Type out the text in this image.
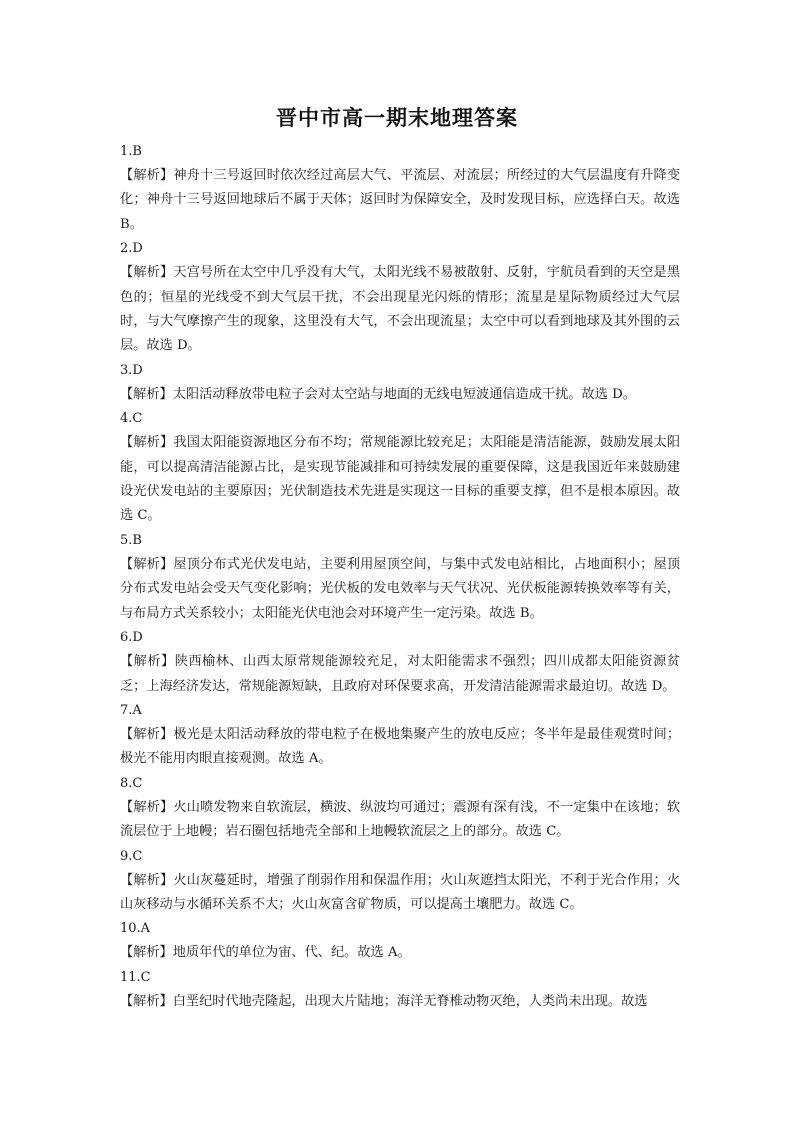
晋中市高一期末地理答案
1.B
【解析】神舟十三号返回时依次经过高层大气、平流层、对流层；所经过的大气层温度有升降变化；神舟十三号返回地球后不属于天体；返回时为保障安全，及时发现目标，应选择白天。故选 B。
2.D
【解析】天宫号所在太空中几乎没有大气，太阳光线不易被散射、反射，宇航员看到的天空是黑色的；恒星的光线受不到大气层干扰，不会出现星光闪烁的情形；流星是星际物质经过大气层时，与大气摩擦产生的现象，这里没有大气，不会出现流星；太空中可以看到地球及其外围的云层。故选 D。
3.D
【解析】太阳活动释放带电粒子会对太空站与地面的无线电短波通信造成干扰。故选 D。
4.C
【解析】我国太阳能资源地区分布不均；常规能源比较充足；太阳能是清洁能源，鼓励发展太阳能，可以提高清洁能源占比，是实现节能减排和可持续发展的重要保障，这是我国近年来鼓励建设光伏发电站的主要原因；光伏制造技术先进是实现这一目标的重要支撑，但不是根本原因。故选 C。
5.B
【解析】屋顶分布式光伏发电站，主要利用屋顶空间，与集中式发电站相比，占地面积小；屋顶分布式发电站会受天气变化影响；光伏板的发电效率与天气状况、光伏板能源转换效率等有关，与布局方式关系较小；太阳能光伏电池会对环境产生一定污染。故选 B。
6.D
【解析】陕西榆林、山西太原常规能源较充足，对太阳能需求不强烈；四川成都太阳能资源贫乏；上海经济发达，常规能源短缺，且政府对环保要求高，开发清洁能源需求最迫切。故选 D。
7.A
【解析】极光是太阳活动释放的带电粒子在极地集聚产生的放电反应；冬半年是最佳观赏时间；极光不能用肉眼直接观测。故选 A。
8.C
【解析】火山喷发物来自软流层，横波、纵波均可通过；震源有深有浅，不一定集中在该地；软流层位于上地幔；岩石圈包括地壳全部和上地幔软流层之上的部分。故选 C。
9.C
【解析】火山灰蔓延时，增强了削弱作用和保温作用；火山灰遮挡太阳光，不利于光合作用；火山灰移动与水循环关系不大；火山灰富含矿物质，可以提高土壤肥力。故选 C。
10.A
【解析】地质年代的单位为宙、代、纪。故选 A。
11.C
【解析】白垩纪时代地壳隆起，出现大片陆地；海洋无脊椎动物灭绝，人类尚未出现。故选
